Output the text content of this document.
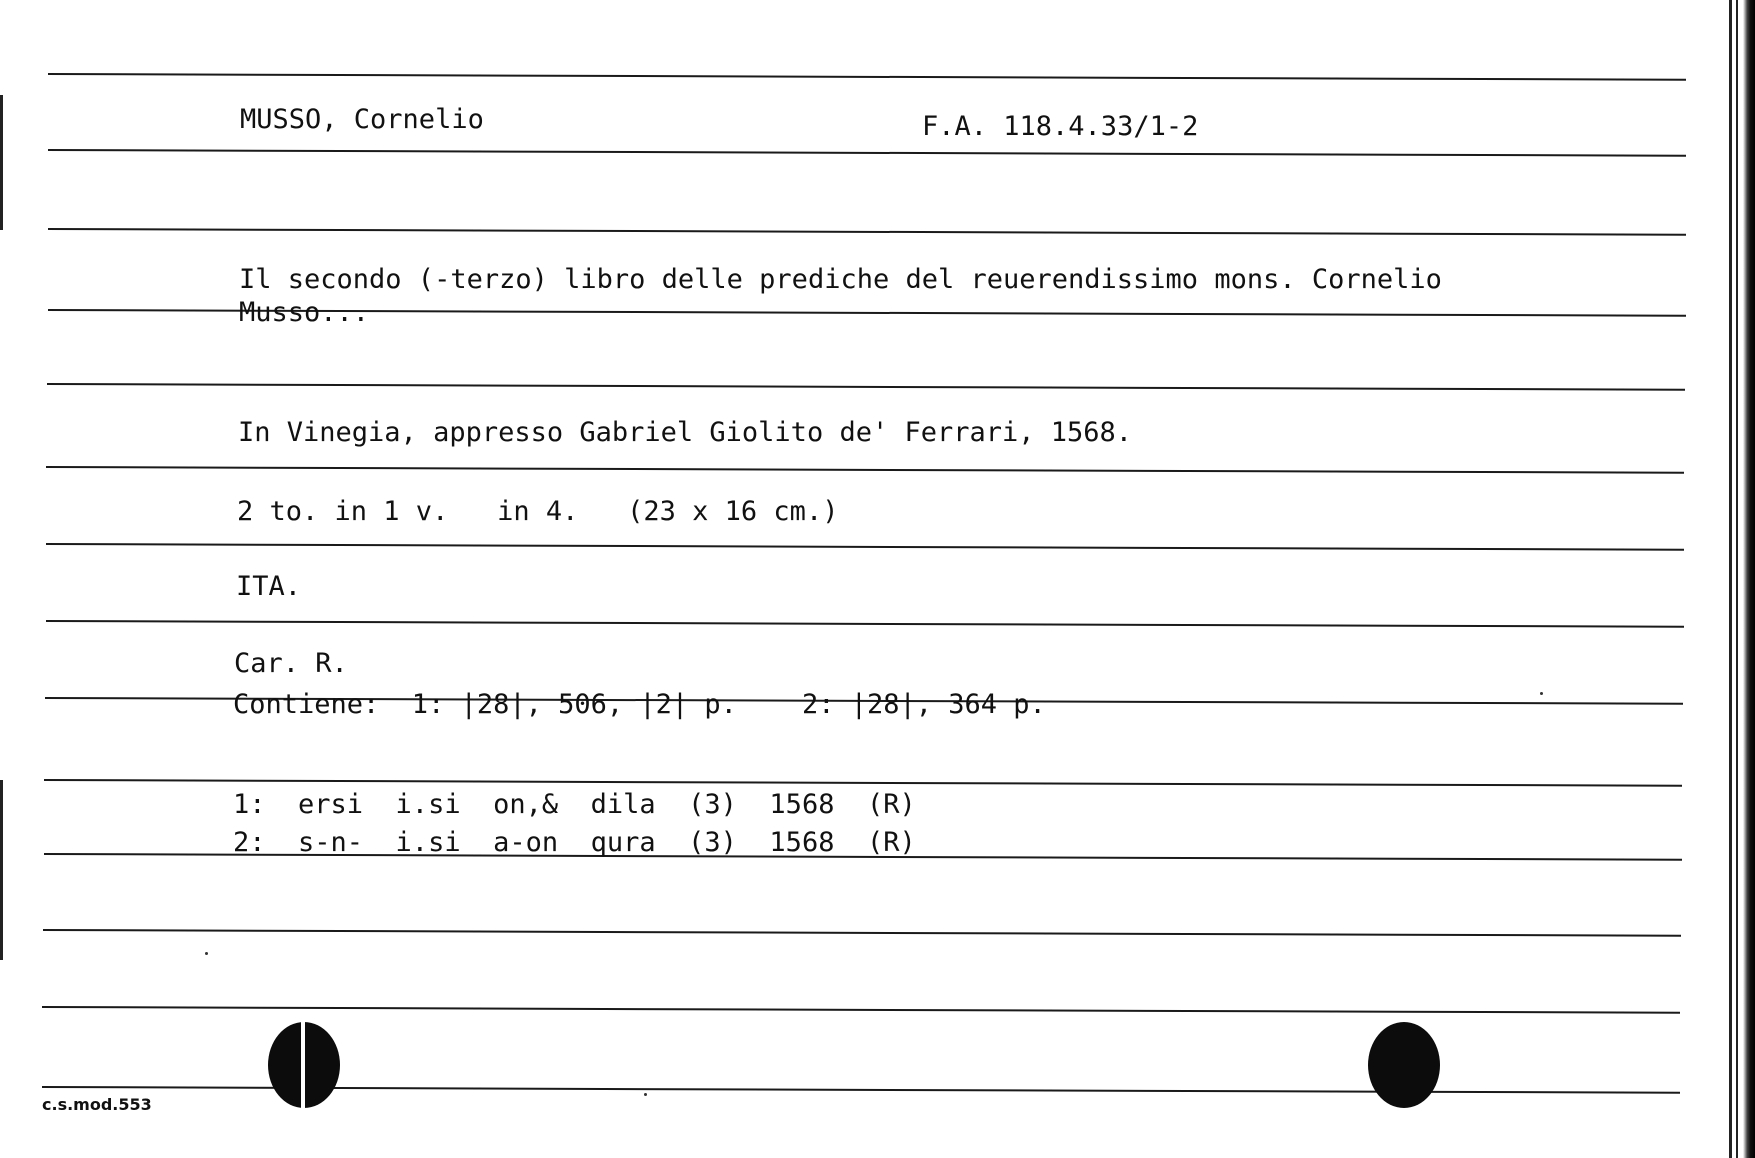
MUSSO, Cornelio	F.A. 118.4.33/1-2
Il secondo (-terzo) libro delle prediche del reuerendissimo mons. Cornelio
Musso...
In Vinegia, appresso Gabriel Giolito de' Ferrari, 1568.
2 to. in 1 v.   in 4.   (23 x 16 cm.)
ITA.
Car. R.
Contiene:  1: |28|, 506, |2| p.    2: |28|, 364 p.
1:  ersi  i.si  on,&  dila  (3)  1568  (R)
2:  s-n-  i.si  a-on  qura  (3)  1568  (R)
c.s.mod.553
